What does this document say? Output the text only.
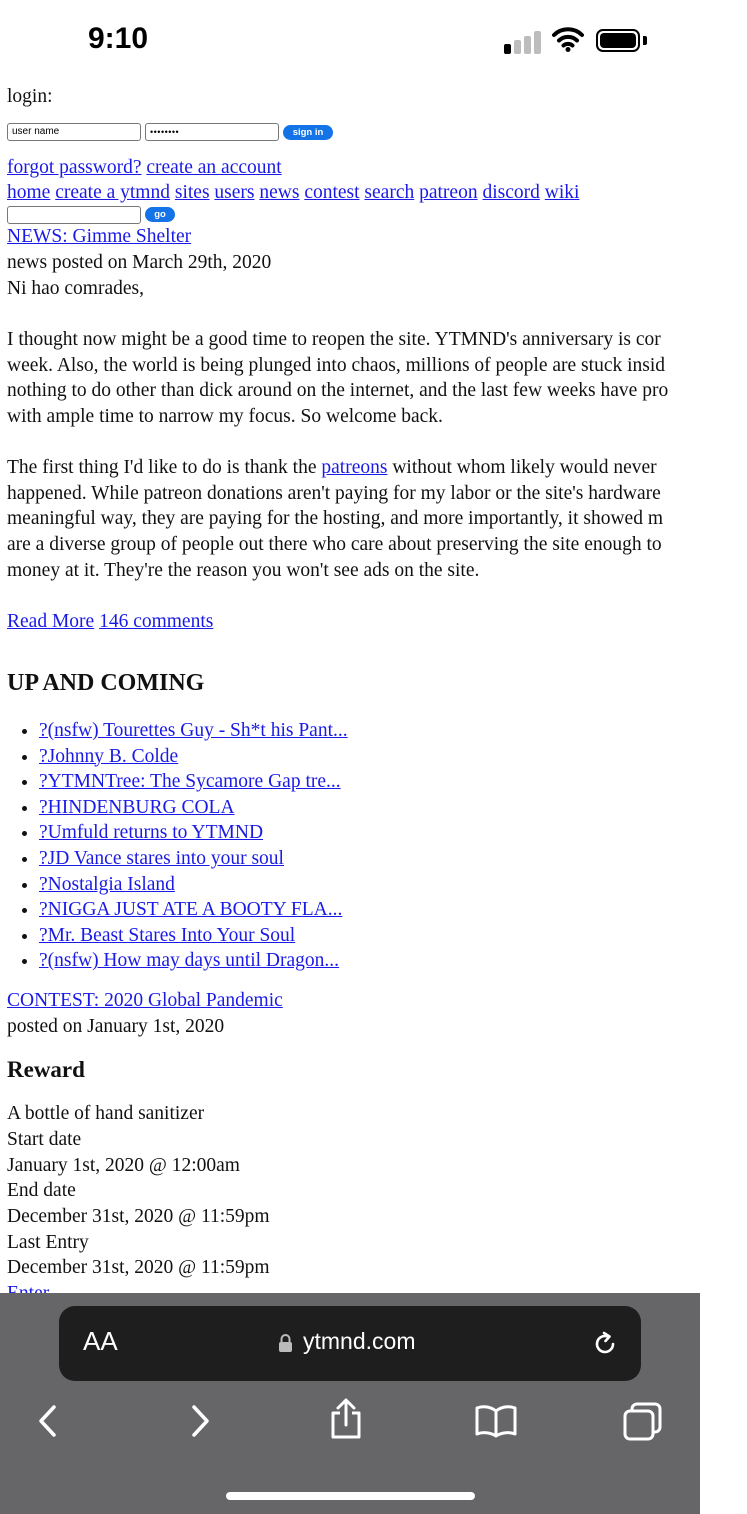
9:10
login:
user name	••••••••	sign in
forgot password? create an account
home create a ytmnd sites users news contest search patreon discord wiki
go
NEWS: Gimme Shelter
news posted on March 29th, 2020
Ni hao comrades,
I thought now might be a good time to reopen the site. YTMND's anniversary is cor
week. Also, the world is being plunged into chaos, millions of people are stuck insid
nothing to do other than dick around on the internet, and the last few weeks have pro
with ample time to narrow my focus. So welcome back.
The first thing I'd like to do is thank the patreons without whom likely would never
happened. While patreon donations aren't paying for my labor or the site's hardware
meaningful way, they are paying for the hosting, and more importantly, it showed m
are a diverse group of people out there who care about preserving the site enough to
money at it. They're the reason you won't see ads on the site.
Read More 146 comments
UP AND COMING
• ?(nsfw) Tourettes Guy - Sh*t his Pant...
• ?Johnny B. Colde
• ?YTMNTree: The Sycamore Gap tre...
• ?HINDENBURG COLA
• ?Umfuld returns to YTMND
• ?JD Vance stares into your soul
• ?Nostalgia Island
• ?NIGGA JUST ATE A BOOTY FLA...
• ?Mr. Beast Stares Into Your Soul
• ?(nsfw) How may days until Dragon...
CONTEST: 2020 Global Pandemic
posted on January 1st, 2020
Reward
A bottle of hand sanitizer
Start date
January 1st, 2020 @ 12:00am
End date
December 31st, 2020 @ 11:59pm
Last Entry
December 31st, 2020 @ 11:59pm
AA	ytmnd.com
